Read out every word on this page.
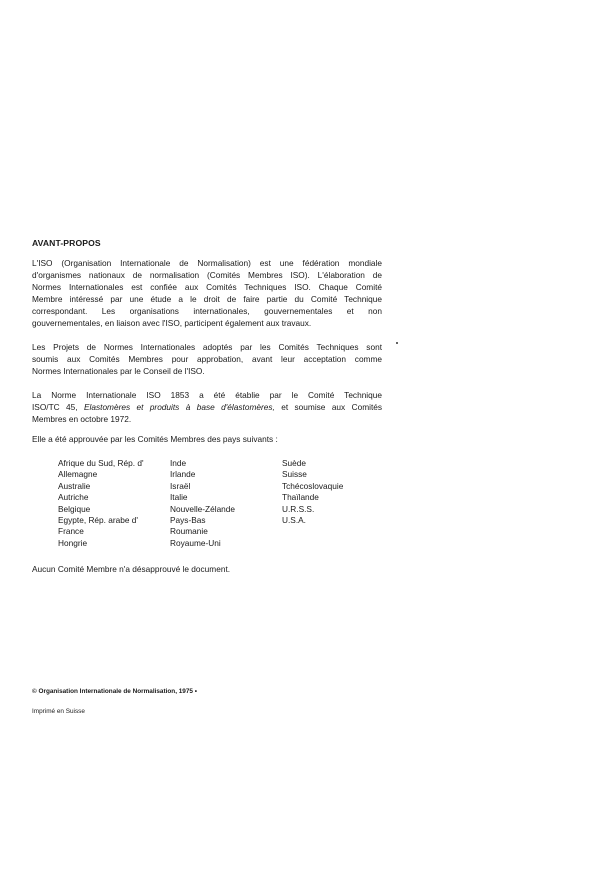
AVANT-PROPOS
L'ISO (Organisation Internationale de Normalisation) est une fédération mondiale
d'organismes nationaux de normalisation (Comités Membres ISO). L'élaboration de
Normes Internationales est confiée aux Comités Techniques ISO. Chaque Comité
Membre intéressé par une étude a le droit de faire partie du Comité Technique
correspondant. Les organisations internationales, gouvernementales et non
gouvernementales, en liaison avec l'ISO, participent également aux travaux.
Les Projets de Normes Internationales adoptés par les Comités Techniques sont
soumis aux Comités Membres pour approbation, avant leur acceptation comme
Normes Internationales par le Conseil de l'ISO.
La Norme Internationale ISO 1853 a été établie par le Comité Technique
ISO/TC 45, Elastomères et produits à base d'élastomères, et soumise aux Comités
Membres en octobre 1972.
Elle a été approuvée par les Comités Membres des pays suivants :
Afrique du Sud, Rép. d'
Allemagne
Australie
Autriche
Belgique
Egypte, Rép. arabe d'
France
Hongrie
Inde
Irlande
Israël
Italie
Nouvelle-Zélande
Pays-Bas
Roumanie
Royaume-Uni
Suède
Suisse
Tchécoslovaquie
Thaïlande
U.R.S.S.
U.S.A.
Aucun Comité Membre n'a désapprouvé le document.
© Organisation Internationale de Normalisation, 1975 •
Imprimé en Suisse
